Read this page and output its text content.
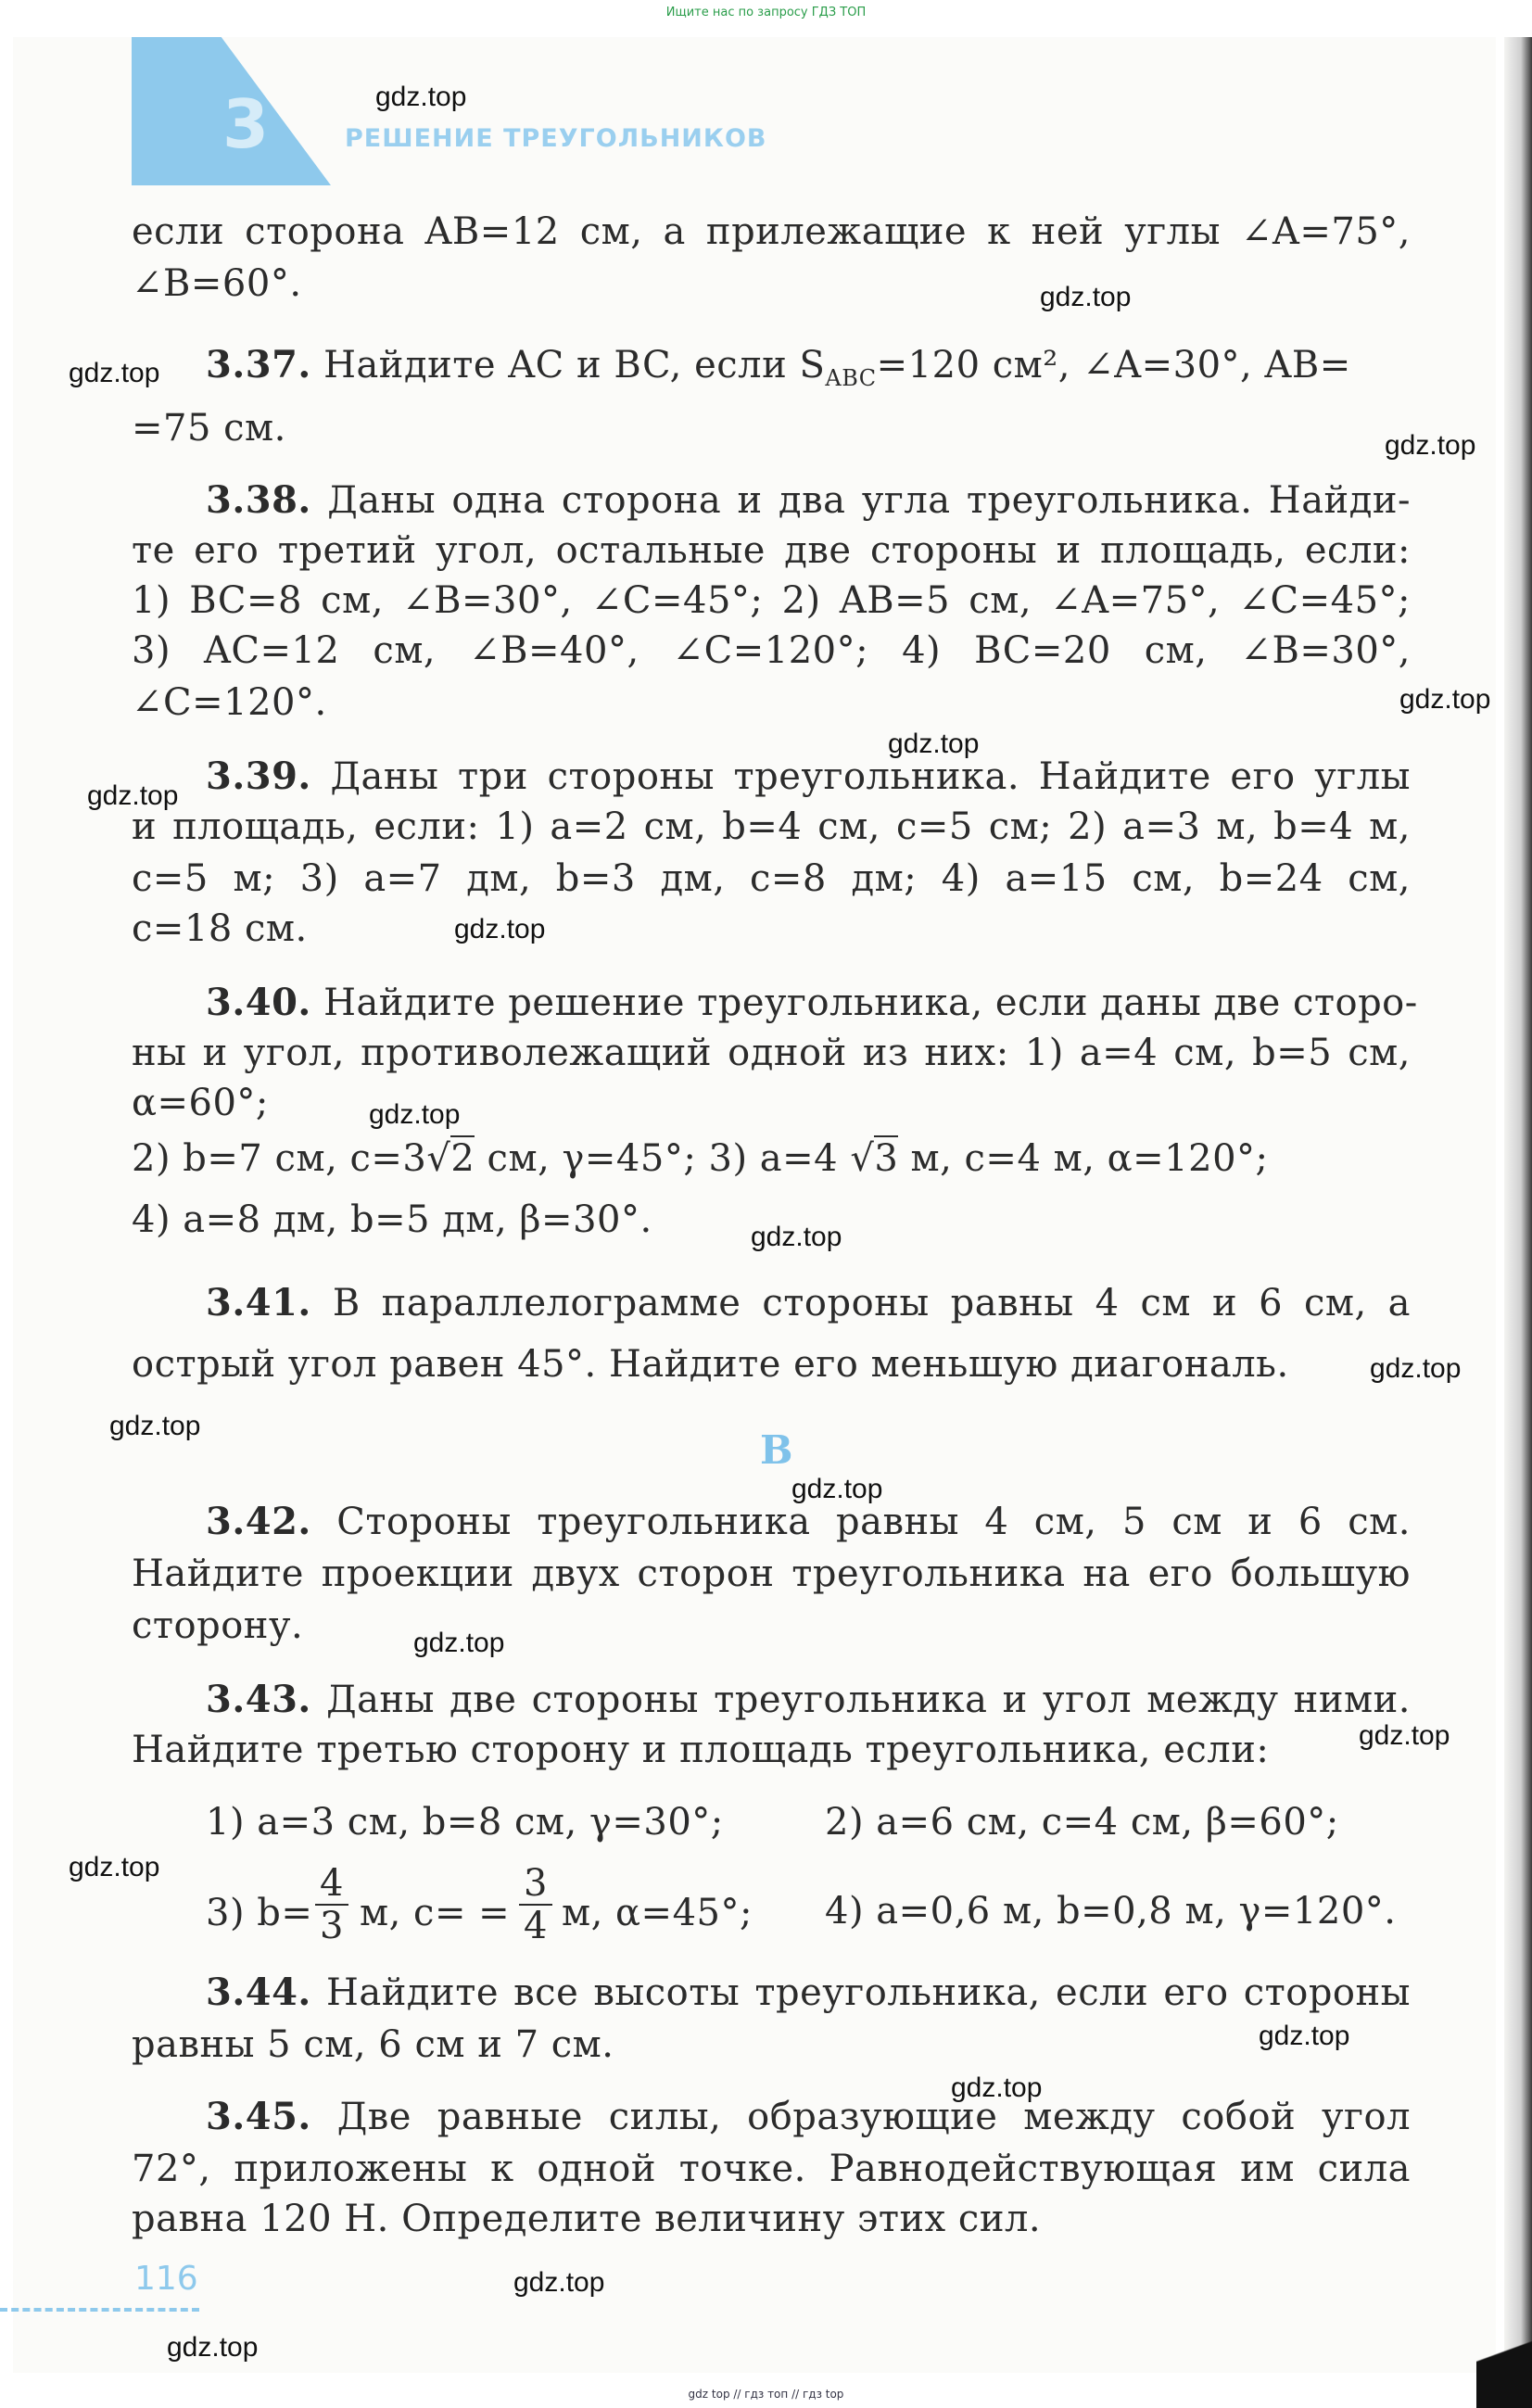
Ищите нас по запросу ГДЗ ТОП
3	РЕШЕНИЕ ТРЕУГОЛЬНИКОВ
если сторона AB=12 см, а прилежащие к ней углы ∠A=75°,
∠B=60°.
3.37. Найдите AC и BC, если $S_{ABC}=120$ см², ∠A=30°, AB=
=75 см.
3.38. Даны одна сторона и два угла треугольника. Найди-
те его третий угол, остальные две стороны и площадь, если:
1) BC=8 см, ∠B=30°, ∠C=45°; 2) AB=5 см, ∠A=75°, ∠C=45°;
3) AC=12 см, ∠B=40°, ∠C=120°; 4) BC=20 см, ∠B=30°,
∠C=120°.
3.39. Даны три стороны треугольника. Найдите его углы
и площадь, если: 1) a=2 см, b=4 см, c=5 см; 2) a=3 м, b=4 м,
c=5 м; 3) a=7 дм, b=3 дм, c=8 дм; 4) a=15 см, b=24 см,
c=18 см.
3.40. Найдите решение треугольника, если даны две сторо-
ны и угол, противолежащий одной из них: 1) a=4 см, b=5 см,
α=60°;
2) b=7 см, c=3√2 см, γ=45°; 3) a=4 √3 м, c=4 м, α=120°;
4) a=8 дм, b=5 дм, β=30°.
3.41. В параллелограмме стороны равны 4 см и 6 см, а
острый угол равен 45°. Найдите его меньшую диагональ.
B
3.42. Стороны треугольника равны 4 см, 5 см и 6 см.
Найдите проекции двух сторон треугольника на его большую
сторону.
3.43. Даны две стороны треугольника и угол между ними.
Найдите третью сторону и площадь треугольника, если:
1) a=3 см, b=8 см, γ=30°;	2) a=6 см, c=4 см, β=60°;
3) $b= \frac{4}{3} м$, $c= = \frac{3}{4} м$, α=45°; 4) a=0,6 м, b=0,8 м, γ=120°.
3.44. Найдите все высоты треугольника, если его стороны
равны 5 см, 6 см и 7 см.
3.45. Две равные силы, образующие между собой угол
72°, приложены к одной точке. Равнодействующая им сила
равна 120 Н. Определите величину этих сил.
116
gdz.top
gdz.top
gdz.top
gdz.top
gdz.top
gdz.top
gdz.top
gdz.top
gdz.top
gdz.top
gdz.top
gdz.top
gdz.top
gdz.top
gdz.top
gdz.top
gdz.top
gdz.top
gdz.top
gdz.top
gdz top // гдз топ // гдз top
